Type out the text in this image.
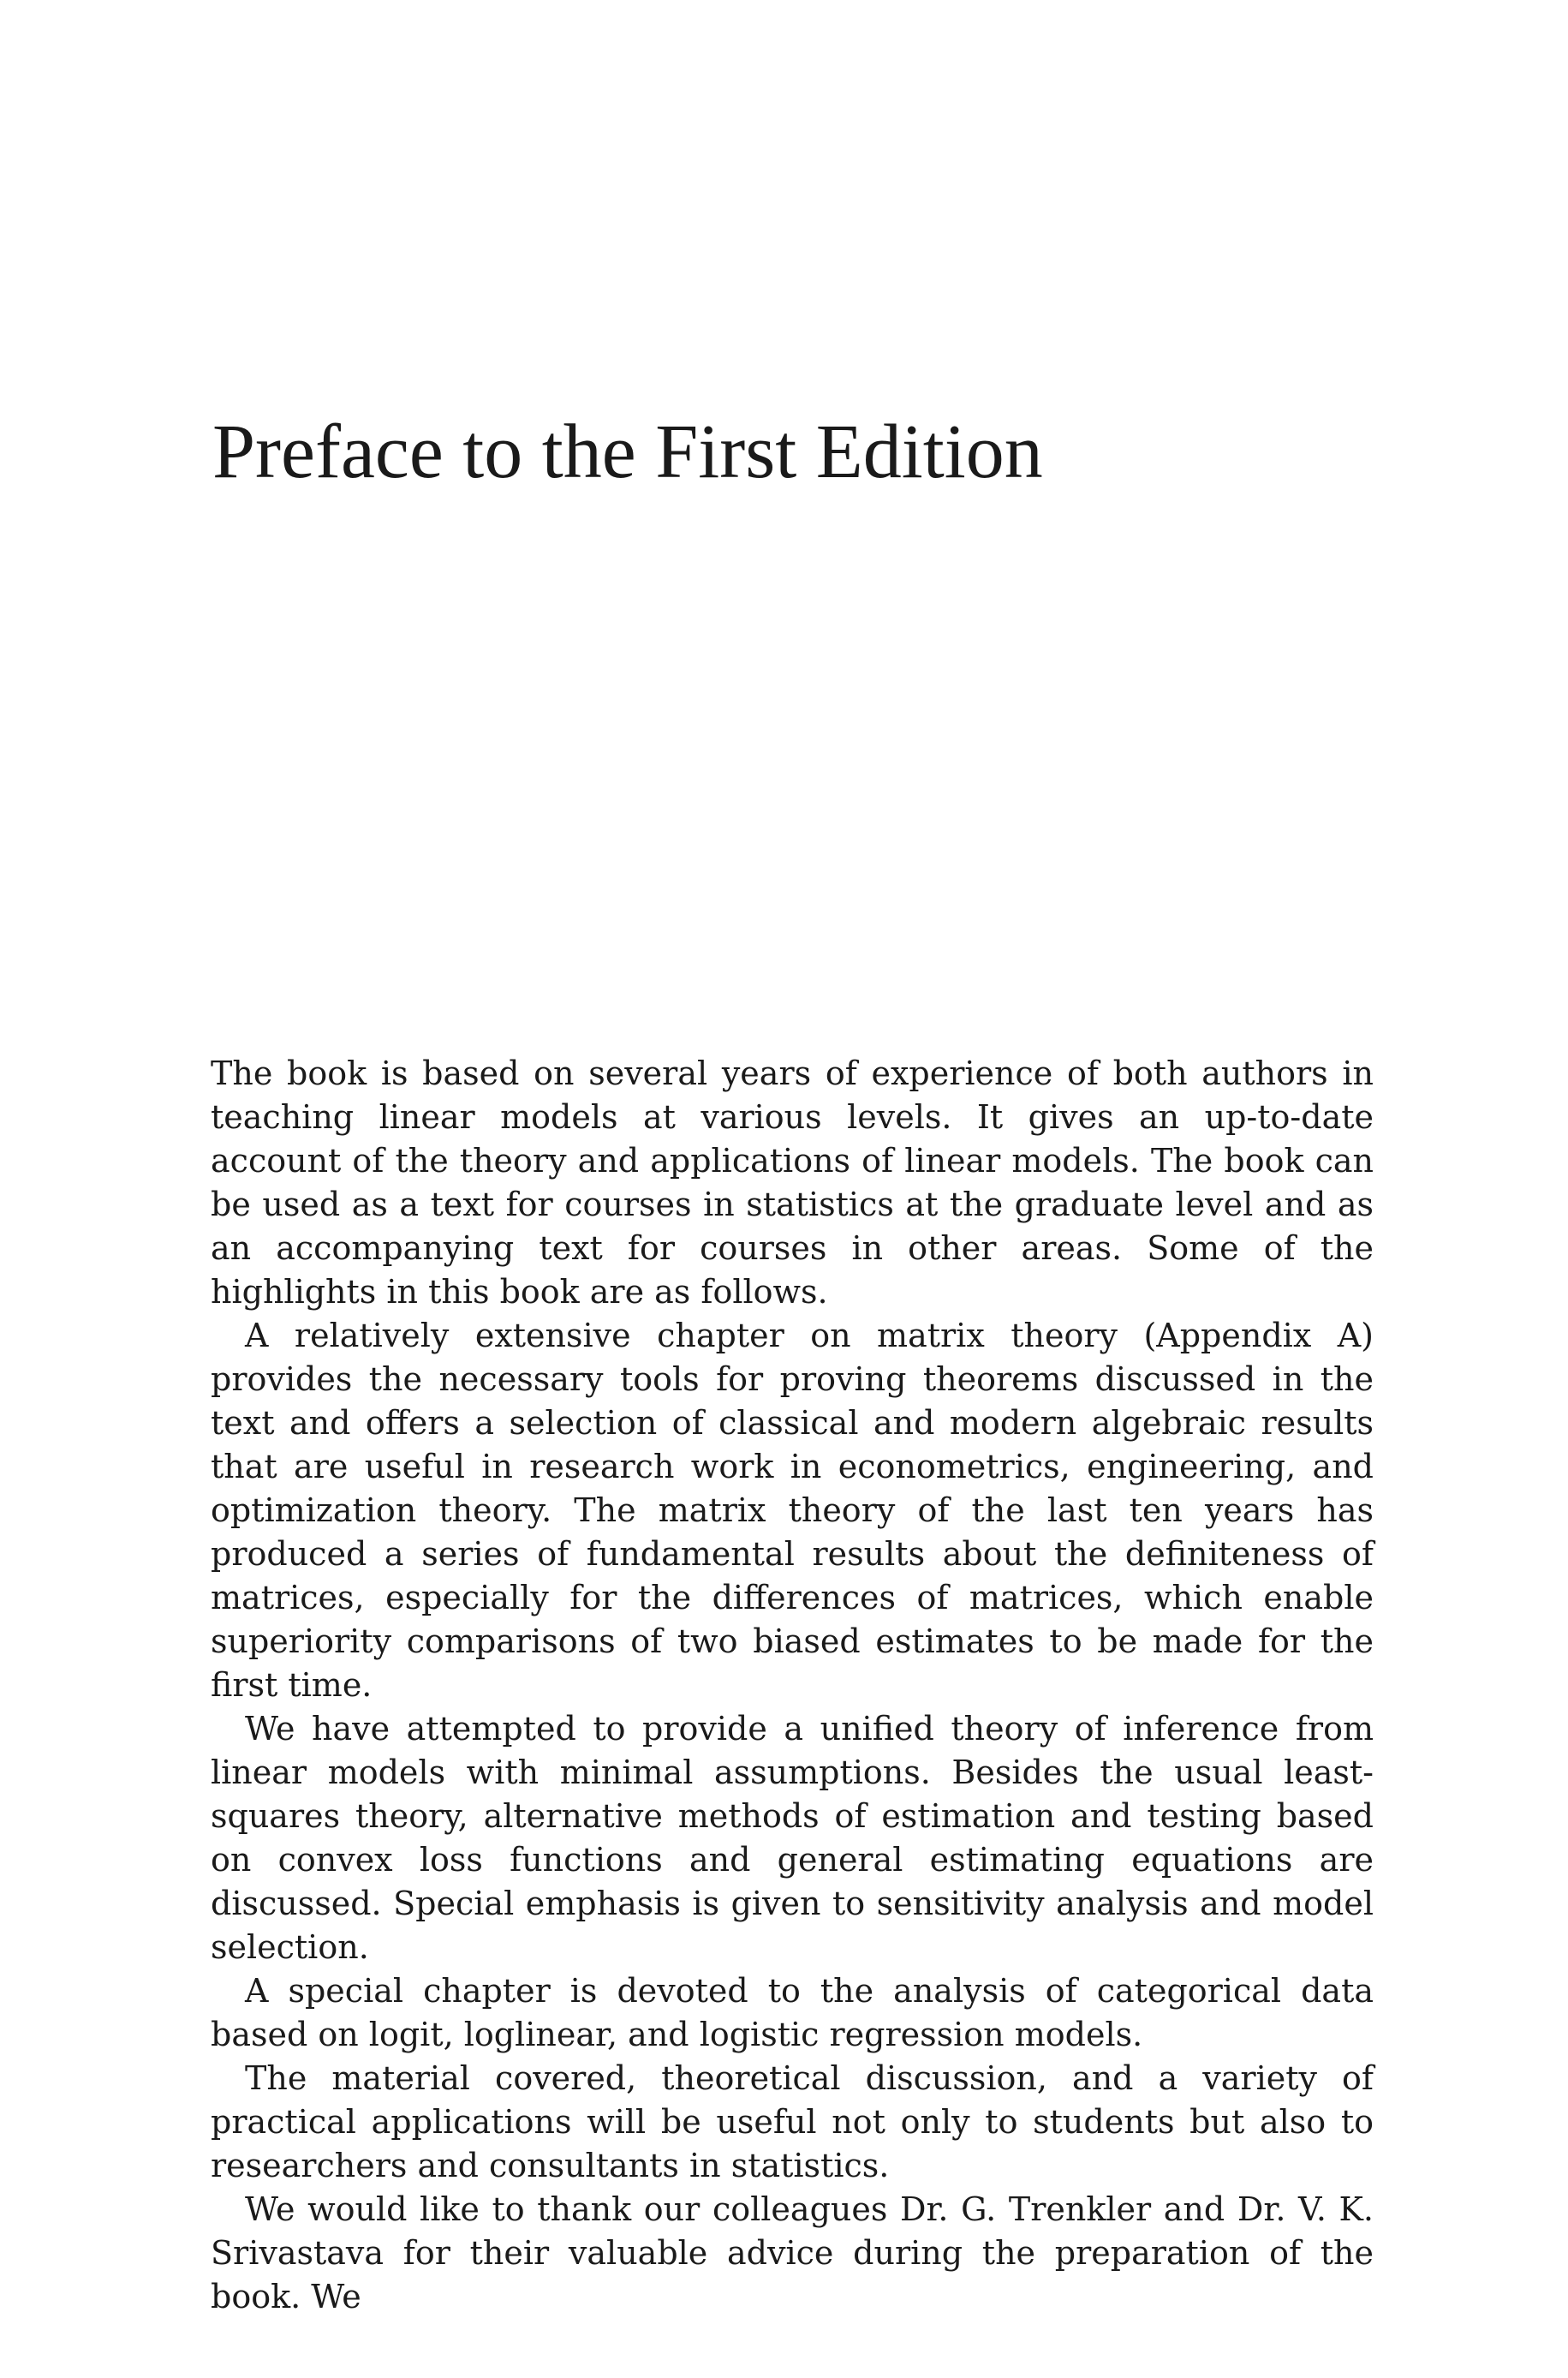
Preface to the First Edition

The book is based on several years of experience of both authors in teaching linear models at various levels. It gives an up-to-date account of the theory and applications of linear models. The book can be used as a text for courses in statistics at the graduate level and as an accompanying text for courses in other areas. Some of the highlights in this book are as follows.

A relatively extensive chapter on matrix theory (Appendix A) provides the necessary tools for proving theorems discussed in the text and offers a selection of classical and modern algebraic results that are useful in research work in econometrics, engineering, and optimization theory. The matrix theory of the last ten years has produced a series of fundamental results about the definiteness of matrices, especially for the differences of matrices, which enable superiority comparisons of two biased estimates to be made for the first time.

We have attempted to provide a unified theory of inference from linear models with minimal assumptions. Besides the usual least-squares theory, alternative methods of estimation and testing based on convex loss functions and general estimating equations are discussed. Special emphasis is given to sensitivity analysis and model selection.

A special chapter is devoted to the analysis of categorical data based on logit, loglinear, and logistic regression models.

The material covered, theoretical discussion, and a variety of practical applications will be useful not only to students but also to researchers and consultants in statistics.

We would like to thank our colleagues Dr. G. Trenkler and Dr. V. K. Srivastava for their valuable advice during the preparation of the book. We
